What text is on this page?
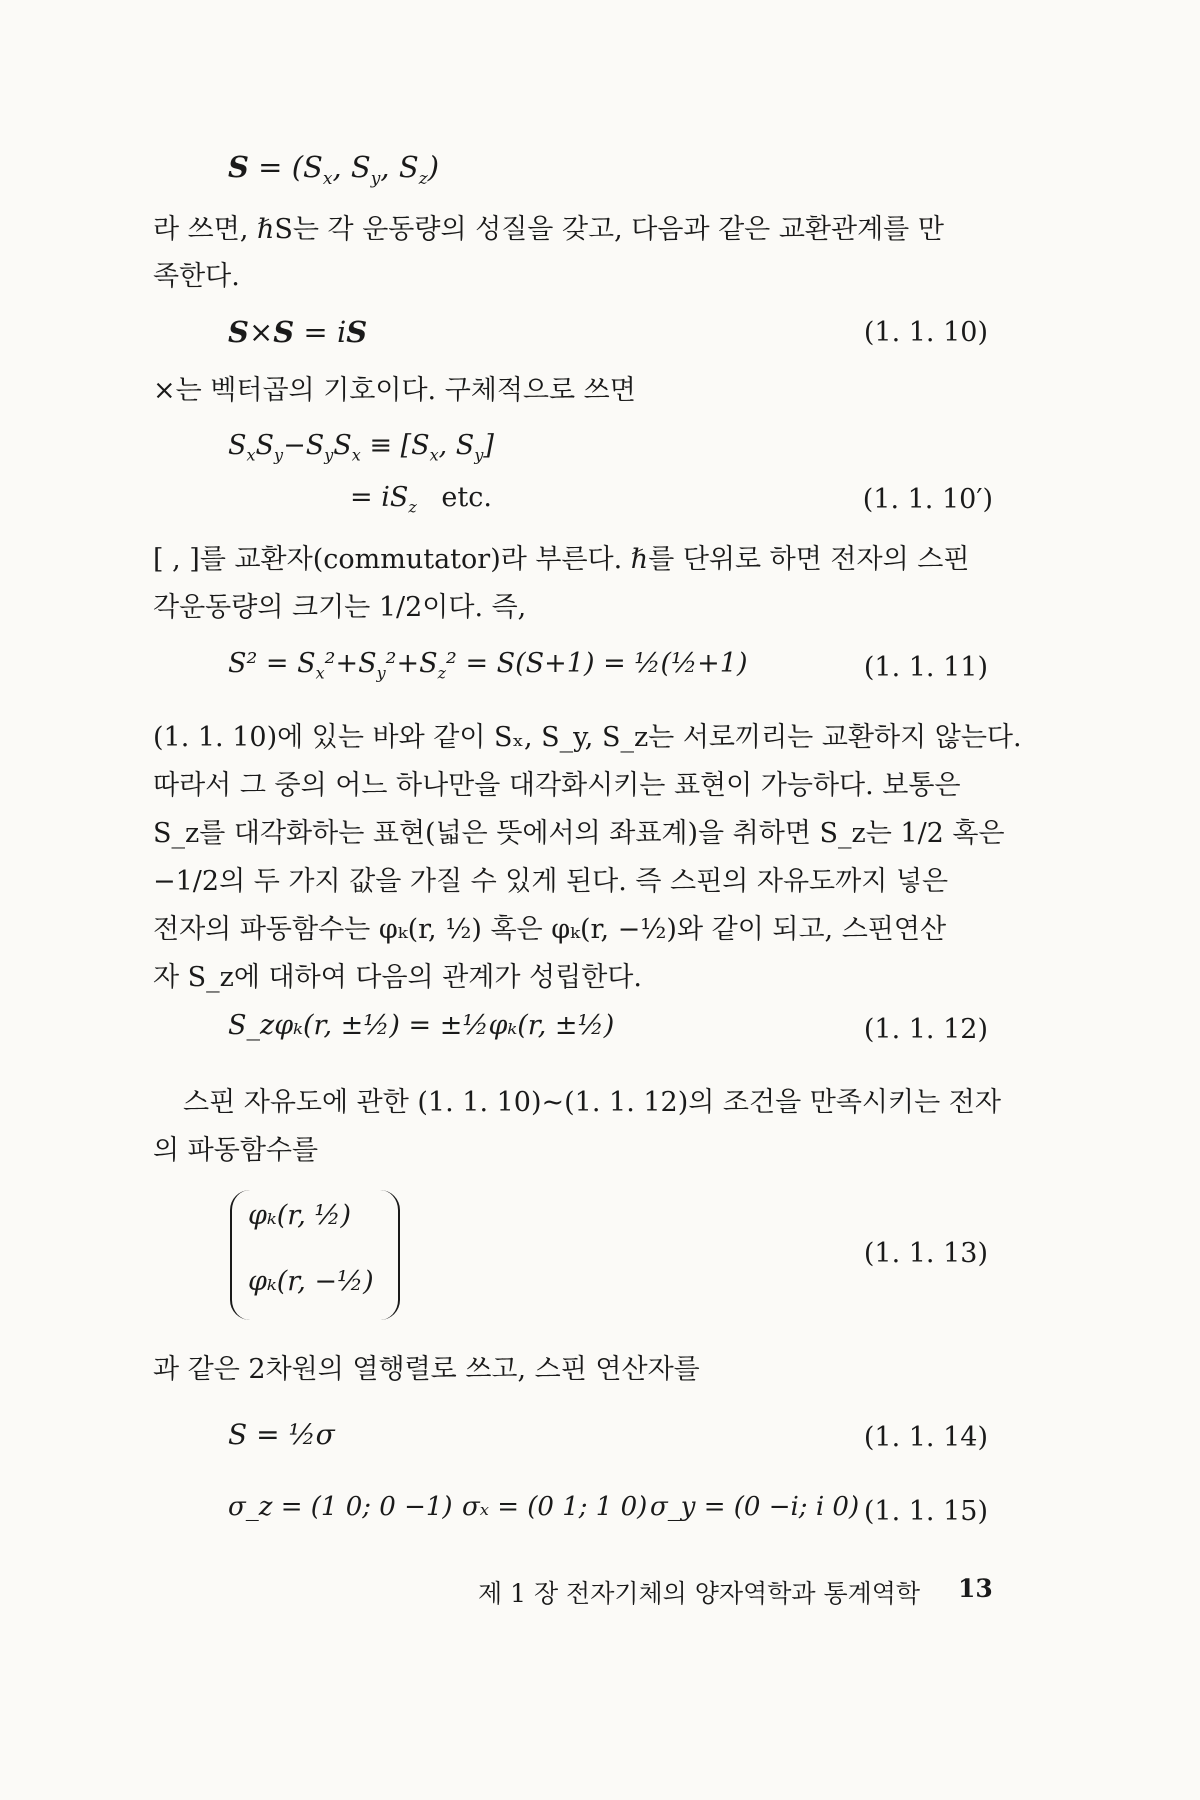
$S = (S_x$, $S_y$, $S_z$)
라 쓰면, ℏS는 각 운동량의 성질을 갖고, 다음과 같은 교환관계를 만
족한다.
S×S = iS	(1. 1. 10)
×는 벡터곱의 기호이다. 구체적으로 쓰면
$S_xS_y-S_yS_x \equiv [S_x$, $S_y$]
= $iS_z$ etc.	(1. 1. 10′)
[ , ]를 교환자(commutator)라 부른다. ℏ를 단위로 하면 전자의 스핀
각운동량의 크기는 1/2이다. 즉,
$S^2 = S_x^2+S_y^2+S_z^2 = S(S+1)$ = ½(½+1)	(1. 1. 11)
(1. 1. 10)에 있는 바와 같이 Sₓ, S_y, S_z는 서로끼리는 교환하지 않는다.
따라서 그 중의 어느 하나만을 대각화시키는 표현이 가능하다. 보통은
S_z를 대각화하는 표현(넓은 뜻에서의 좌표계)을 취하면 S_z는 1/2 혹은
−1/2의 두 가지 값을 가질 수 있게 된다. 즉 스핀의 자유도까지 넣은
전자의 파동함수는 φₖ(r, ½) 혹은 φₖ(r, −½)와 같이 되고, 스핀연산
자 S_z에 대하여 다음의 관계가 성립한다.
S_zφₖ(r, ±½) = ±½φₖ(r, ±½)	(1. 1. 12)
스핀 자유도에 관한 (1. 1. 10)~(1. 1. 12)의 조건을 만족시키는 전자
의 파동함수를
φₖ(r, ½)
φₖ(r, −½)
(1. 1. 13)
과 같은 2차원의 열행렬로 쓰고, 스핀 연산자를
S = ½σ	(1. 1. 14)
σ_z = (1 0; 0 −1) σₓ = (0 1; 1 0) σ_y = (0 −i; i 0) (1. 1. 15)
제 1 장 전자기체의 양자역학과 통계역학 13
